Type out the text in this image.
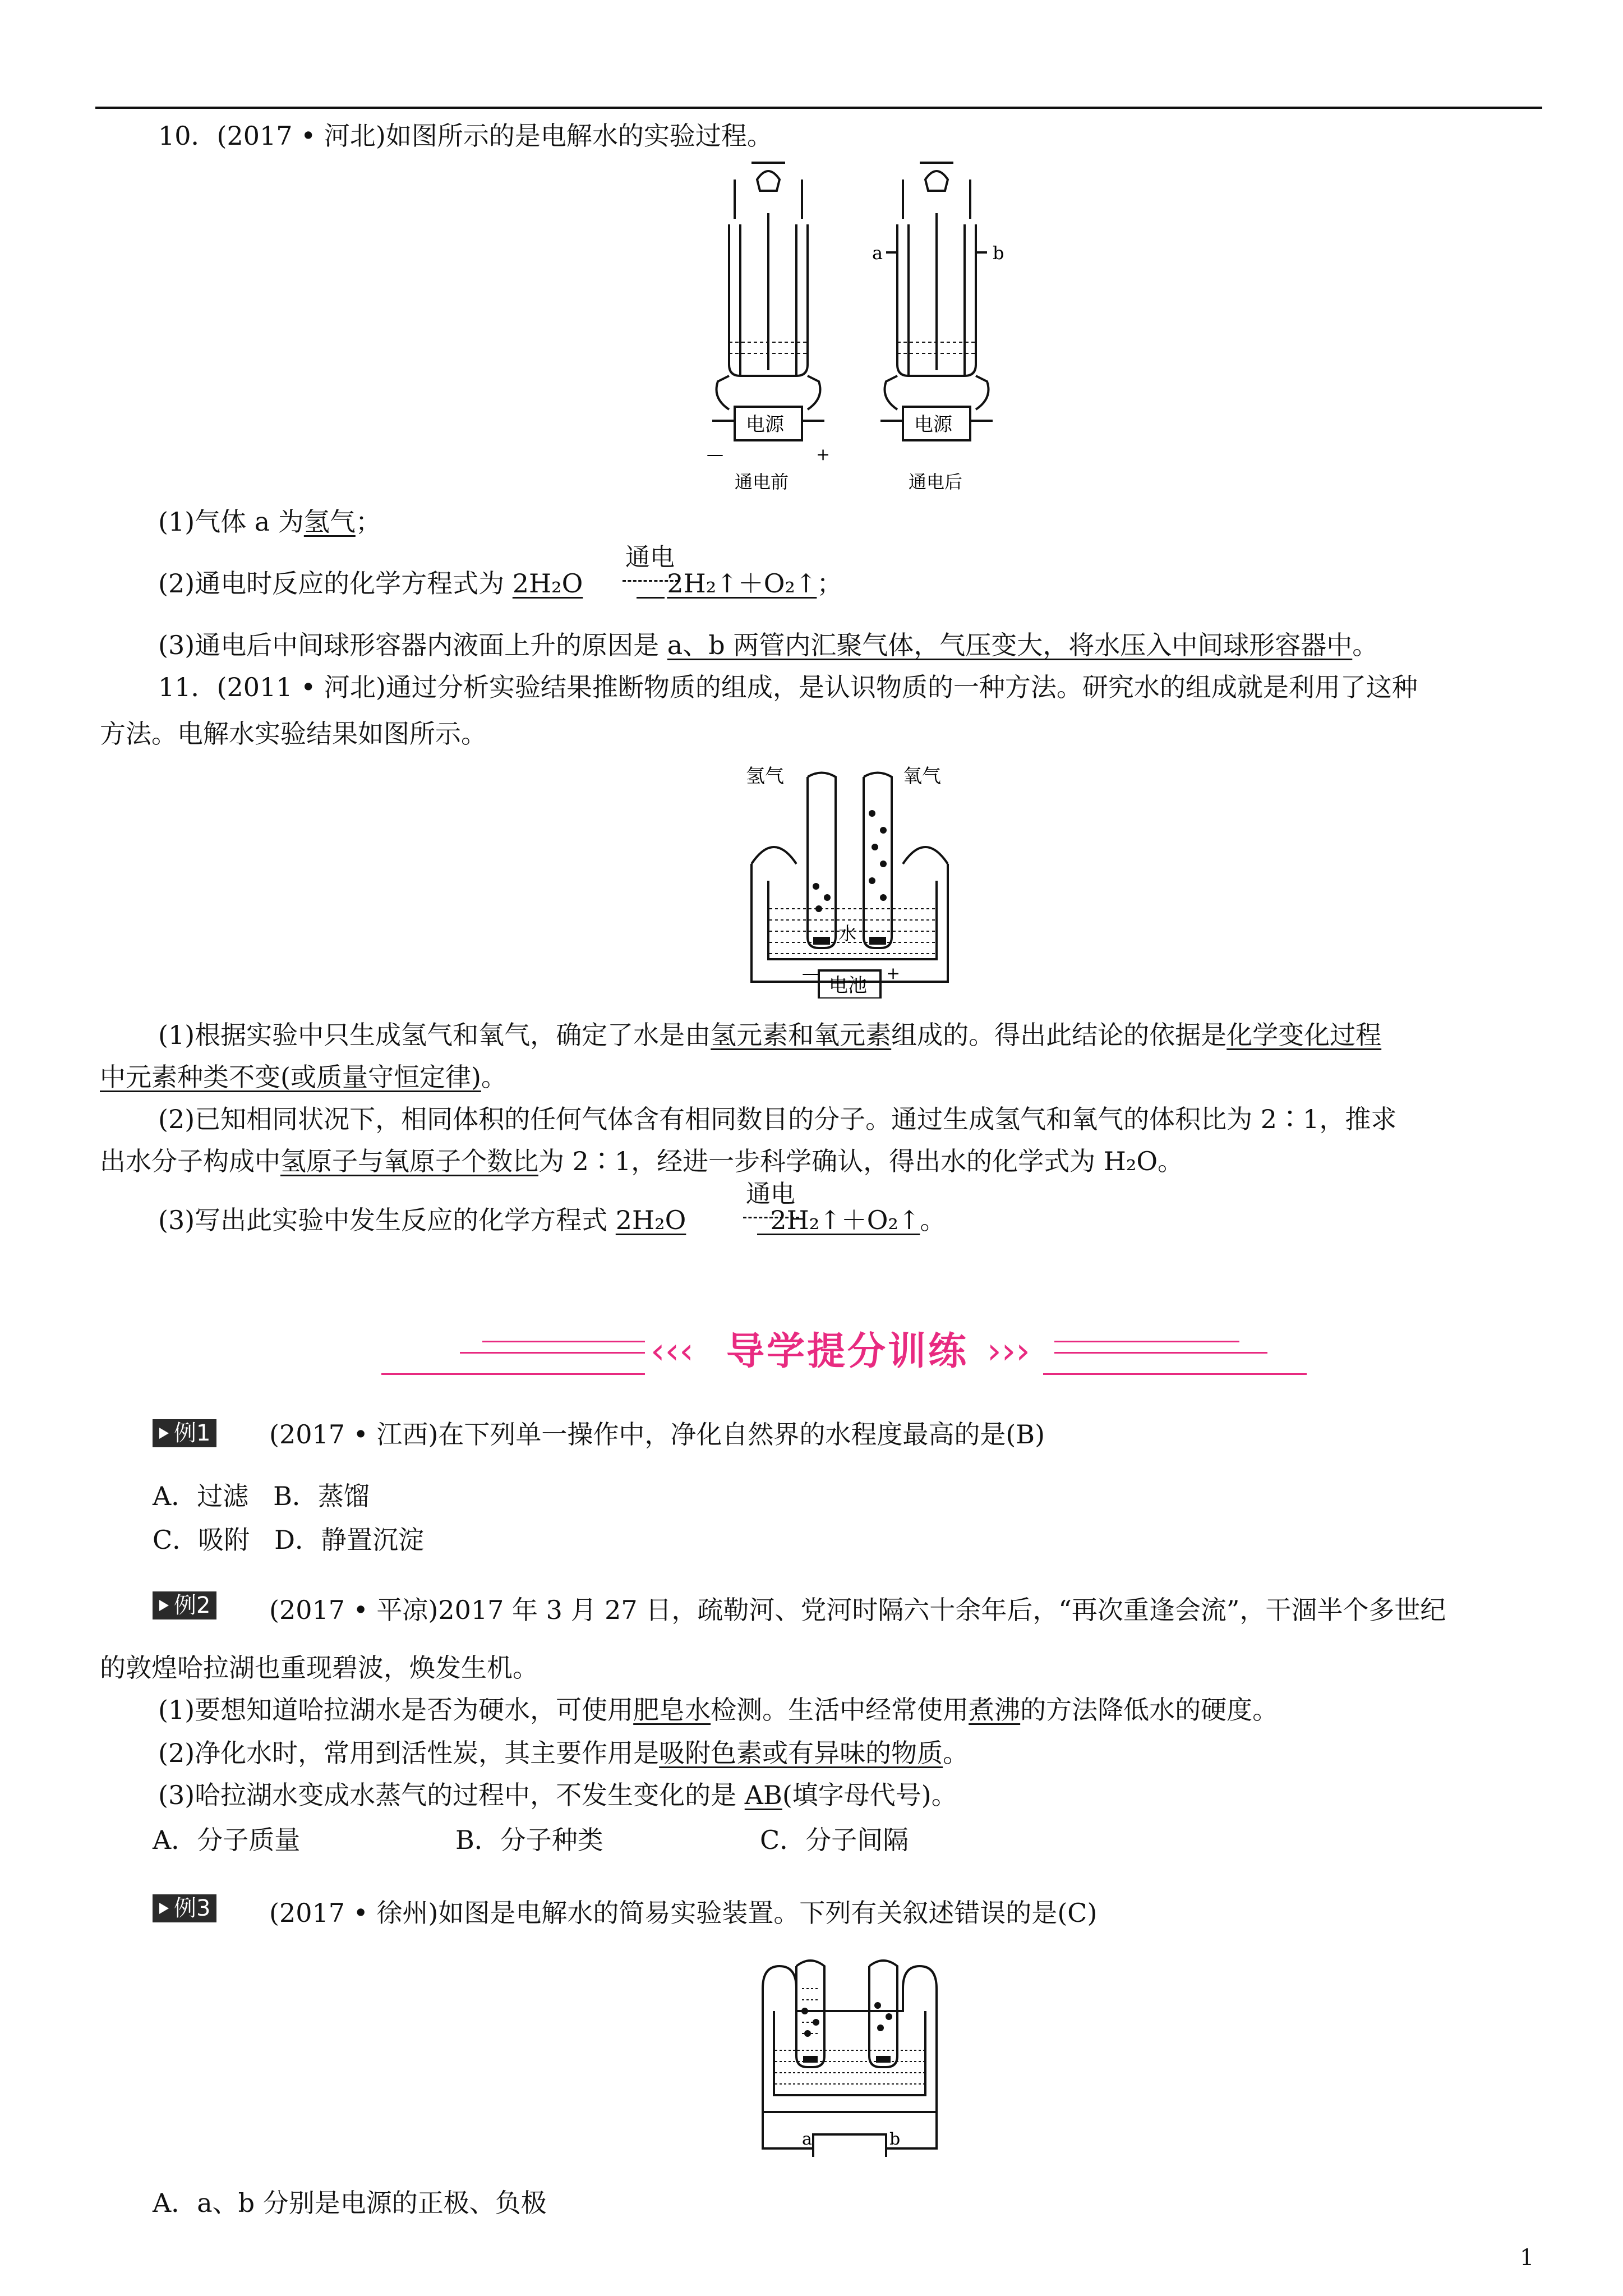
10．(2017 • 河北)如图所示的是电解水的实验过程。
电源	电源
—	+
a	b
通电前	通电后
(1)气体 a 为氢气；
(2)通电时反应的化学方程式为 2H₂O	2H₂↑＋O₂↑；
通电
(3)通电后中间球形容器内液面上升的原因是 a、b 两管内汇聚气体，气压变大，将水压入中间球形容器中。
11．(2011 • 河北)通过分析实验结果推断物质的组成，是认识物质的一种方法。研究水的组成就是利用了这种
方法。电解水实验结果如图所示。
氢气	氧气
水
电池
—	+
(1)根据实验中只生成氢气和氧气，确定了水是由氢元素和氧元素组成的。得出此结论的依据是化学变化过程
中元素种类不变(或质量守恒定律)。
(2)已知相同状况下，相同体积的任何气体含有相同数目的分子。通过生成氢气和氧气的体积比为 2∶1，推求
出水分子构成中氢原子与氧原子个数比为 2∶1，经进一步科学确认，得出水的化学式为 H₂O。
(3)写出此实验中发生反应的化学方程式 2H₂O	2H₂↑＋O₂↑。
通电
‹‹‹ 导学提分训练 ›››
例1 (2017 • 江西)在下列单一操作中，净化自然界的水程度最高的是(B)
A．过滤   B．蒸馏
C．吸附   D．静置沉淀
例2 (2017 • 平凉)2017 年 3 月 27 日，疏勒河、党河时隔六十余年后，“再次重逢会流”，干涸半个多世纪
的敦煌哈拉湖也重现碧波，焕发生机。
(1)要想知道哈拉湖水是否为硬水，可使用肥皂水检测。生活中经常使用煮沸的方法降低水的硬度。
(2)净化水时，常用到活性炭，其主要作用是吸附色素或有异味的物质。
(3)哈拉湖水变成水蒸气的过程中，不发生变化的是 AB(填字母代号)。
A．分子质量	B．分子种类	C．分子间隔
例3 (2017 • 徐州)如图是电解水的简易实验装置。下列有关叙述错误的是(C)
a	b
A．a、b 分别是电源的正极、负极
1
